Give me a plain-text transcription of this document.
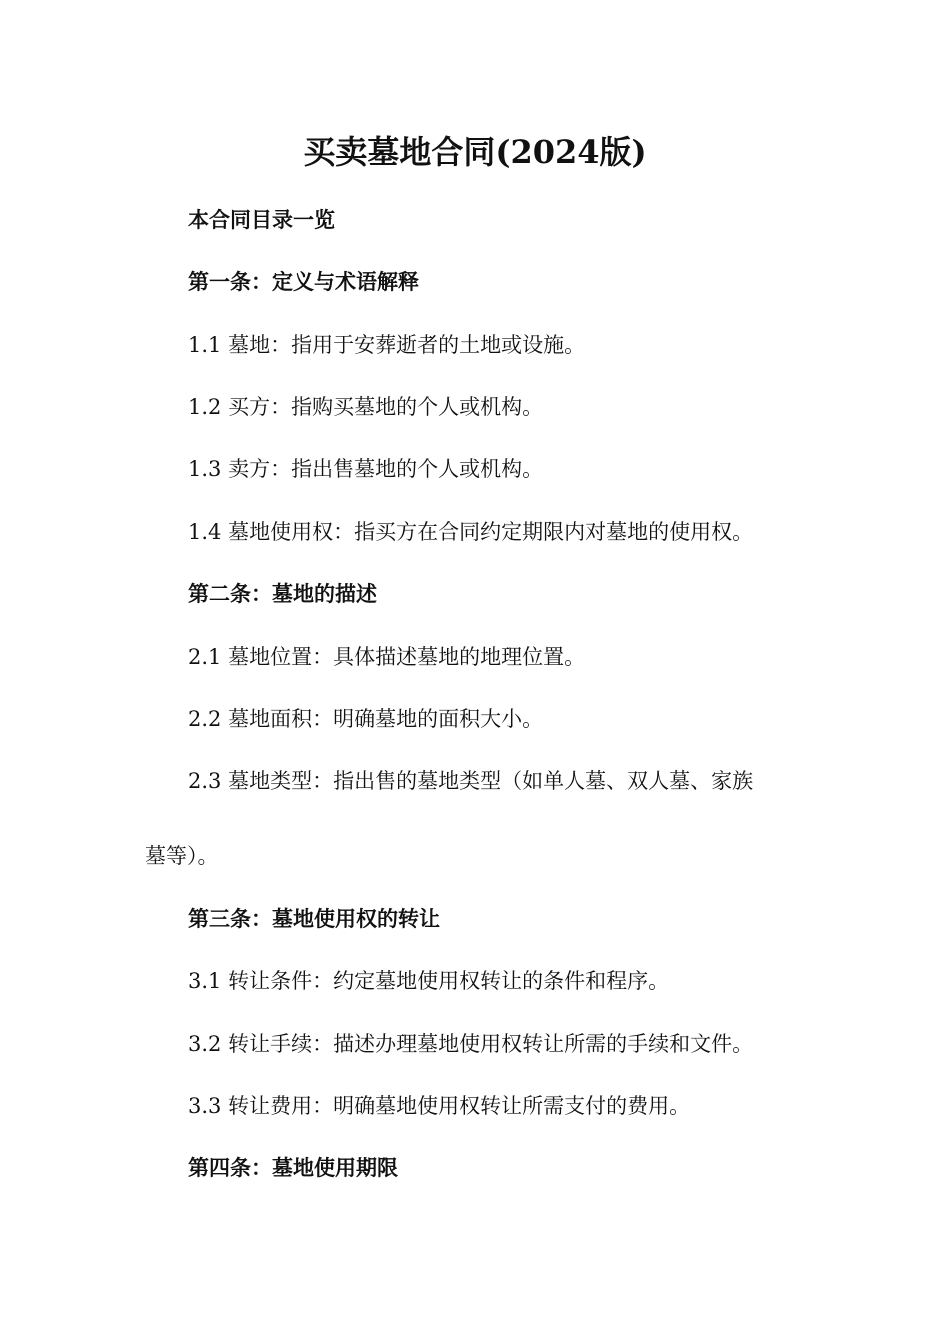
买卖墓地合同(2024版)
本合同目录一览
第一条：定义与术语解释
1.1 墓地：指用于安葬逝者的土地或设施。
1.2 买方：指购买墓地的个人或机构。
1.3 卖方：指出售墓地的个人或机构。
1.4 墓地使用权：指买方在合同约定期限内对墓地的使用权。
第二条：墓地的描述
2.1 墓地位置：具体描述墓地的地理位置。
2.2 墓地面积：明确墓地的面积大小。
2.3 墓地类型：指出售的墓地类型（如单人墓、双人墓、家族
墓等）。
第三条：墓地使用权的转让
3.1 转让条件：约定墓地使用权转让的条件和程序。
3.2 转让手续：描述办理墓地使用权转让所需的手续和文件。
3.3 转让费用：明确墓地使用权转让所需支付的费用。
第四条：墓地使用期限
